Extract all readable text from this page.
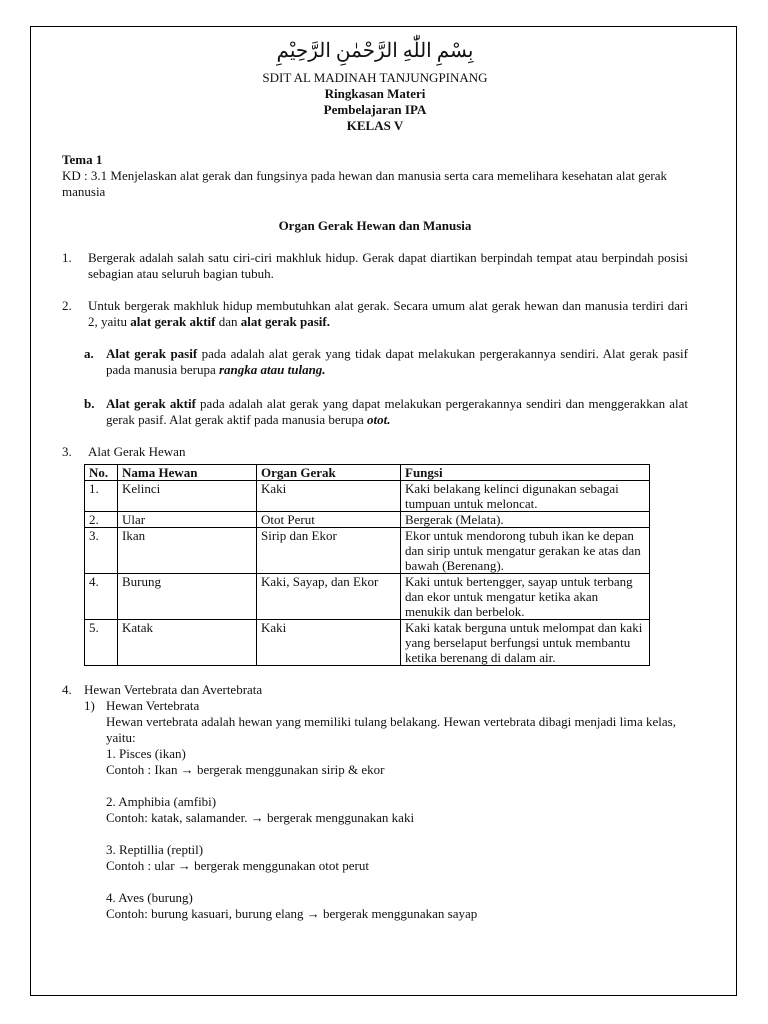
بِسْمِ اللّٰهِ الرَّحْمٰنِ الرَّحِيْمِ
SDIT AL MADINAH TANJUNGPINANG
Ringkasan Materi
Pembelajaran IPA
KELAS V
Tema 1
KD : 3.1 Menjelaskan alat gerak dan fungsinya pada hewan dan manusia serta cara memelihara kesehatan alat gerak manusia
Organ Gerak Hewan dan Manusia
1. Bergerak adalah salah satu ciri-ciri makhluk hidup. Gerak dapat diartikan berpindah tempat atau berpindah posisi sebagian atau seluruh bagian tubuh.
2. Untuk bergerak makhluk hidup membutuhkan alat gerak. Secara umum alat gerak hewan dan manusia terdiri dari 2, yaitu alat gerak aktif dan alat gerak pasif.
a. Alat gerak pasif pada adalah alat gerak yang tidak dapat melakukan pergerakannya sendiri. Alat gerak pasif pada manusia berupa rangka atau tulang.
b. Alat gerak aktif pada adalah alat gerak yang dapat melakukan pergerakannya sendiri dan menggerakkan alat gerak pasif. Alat gerak aktif pada manusia berupa otot.
3. Alat Gerak Hewan
No.	Nama Hewan	Organ Gerak	Fungsi
1.	Kelinci	Kaki	Kaki belakang kelinci digunakan sebagai tumpuan untuk meloncat.
2.	Ular	Otot Perut	Bergerak (Melata).
3.	Ikan	Sirip dan Ekor	Ekor untuk mendorong tubuh ikan ke depan dan sirip untuk mengatur gerakan ke atas dan bawah (Berenang).
4.	Burung	Kaki, Sayap, dan Ekor	Kaki untuk bertengger, sayap untuk terbang dan ekor untuk mengatur ketika akan menukik dan berbelok.
5.	Katak	Kaki	Kaki katak berguna untuk melompat dan kaki yang berselaput berfungsi untuk membantu ketika berenang di dalam air.
4. Hewan Vertebrata dan Avertebrata
1) Hewan Vertebrata
Hewan vertebrata adalah hewan yang memiliki tulang belakang. Hewan vertebrata dibagi menjadi lima kelas, yaitu:
1. Pisces (ikan)
Contoh : Ikan → bergerak menggunakan sirip & ekor
2. Amphibia (amfibi)
Contoh: katak, salamander. → bergerak menggunakan kaki
3. Reptillia (reptil)
Contoh : ular → bergerak menggunakan otot perut
4. Aves (burung)
Contoh: burung kasuari, burung elang → bergerak menggunakan sayap
